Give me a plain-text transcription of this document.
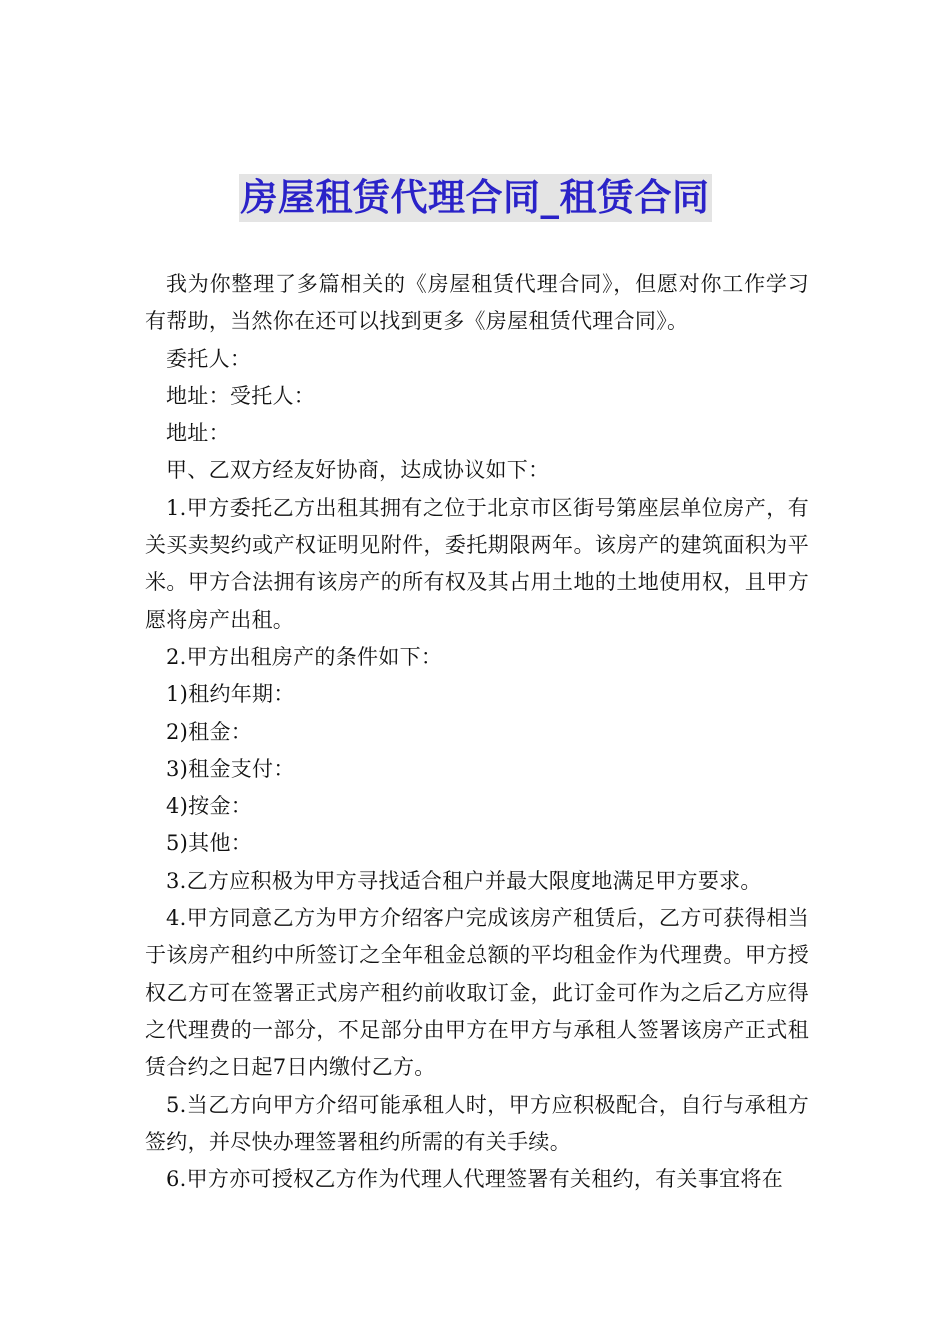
房屋租赁代理合同_租赁合同

我为你整理了多篇相关的《房屋租赁代理合同》，但愿对你工作学习有帮助，当然你在还可以找到更多《房屋租赁代理合同》。

委托人：

地址：受托人：

地址：

甲、乙双方经友好协商，达成协议如下：

1.甲方委托乙方出租其拥有之位于北京市区街号第座层单位房产，有关买卖契约或产权证明见附件，委托期限两年。该房产的建筑面积为平米。甲方合法拥有该房产的所有权及其占用土地的土地使用权，且甲方愿将房产出租。

2.甲方出租房产的条件如下：

1)租约年期：

2)租金：

3)租金支付：

4)按金：

5)其他：

3.乙方应积极为甲方寻找适合租户并最大限度地满足甲方要求。

4.甲方同意乙方为甲方介绍客户完成该房产租赁后，乙方可获得相当于该房产租约中所签订之全年租金总额的平均租金作为代理费。甲方授权乙方可在签署正式房产租约前收取订金，此订金可作为之后乙方应得之代理费的一部分，不足部分由甲方在甲方与承租人签署该房产正式租赁合约之日起7日内缴付乙方。

5.当乙方向甲方介绍可能承租人时，甲方应积极配合，自行与承租方签约，并尽快办理签署租约所需的有关手续。

6.甲方亦可授权乙方作为代理人代理签署有关租约，有关事宜将在
